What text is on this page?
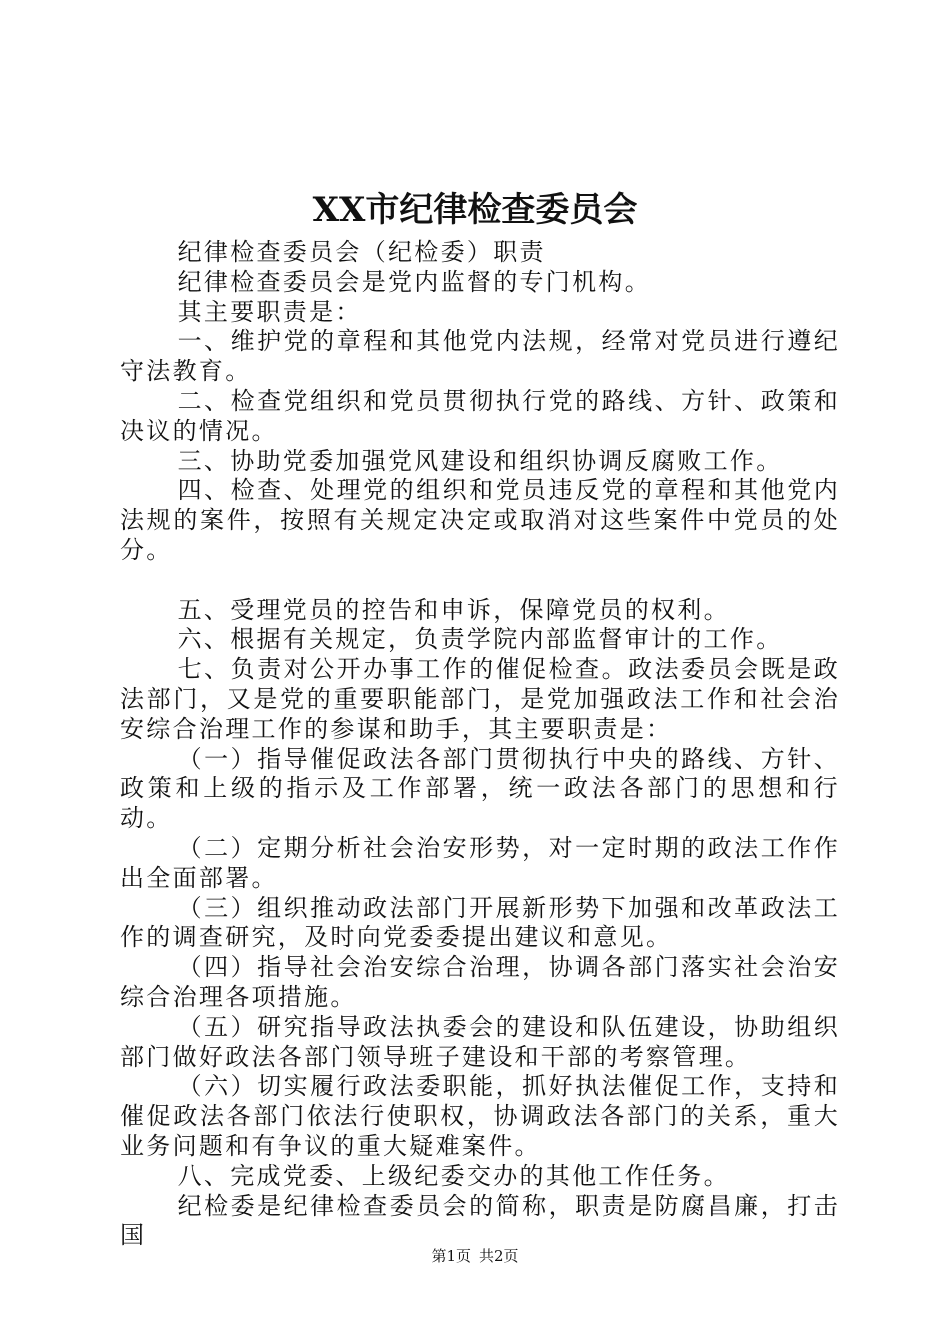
XX市纪律检查委员会

纪律检查委员会（纪检委）职责

纪律检查委员会是党内监督的专门机构。

其主要职责是：

一、维护党的章程和其他党内法规，经常对党员进行遵纪守法教育。

二、检查党组织和党员贯彻执行党的路线、方针、政策和决议的情况。

三、协助党委加强党风建设和组织协调反腐败工作。

四、检查、处理党的组织和党员违反党的章程和其他党内法规的案件，按照有关规定决定或取消对这些案件中党员的处分。

五、受理党员的控告和申诉，保障党员的权利。

六、根据有关规定，负责学院内部监督审计的工作。

七、负责对公开办事工作的催促检查。政法委员会既是政法部门，又是党的重要职能部门，是党加强政法工作和社会治安综合治理工作的参谋和助手，其主要职责是：

（一）指导催促政法各部门贯彻执行中央的路线、方针、政策和上级的指示及工作部署，统一政法各部门的思想和行动。

（二）定期分析社会治安形势，对一定时期的政法工作作出全面部署。

（三）组织推动政法部门开展新形势下加强和改革政法工作的调查研究，及时向党委委提出建议和意见。

（四）指导社会治安综合治理，协调各部门落实社会治安综合治理各项措施。

（五）研究指导政法执委会的建设和队伍建设，协助组织部门做好政法各部门领导班子建设和干部的考察管理。

（六）切实履行政法委职能，抓好执法催促工作，支持和催促政法各部门依法行使职权，协调政法各部门的关系，重大业务问题和有争议的重大疑难案件。

八、完成党委、上级纪委交办的其他工作任务。

纪检委是纪律检查委员会的简称，职责是防腐昌廉，打击国

第1页 共2页
